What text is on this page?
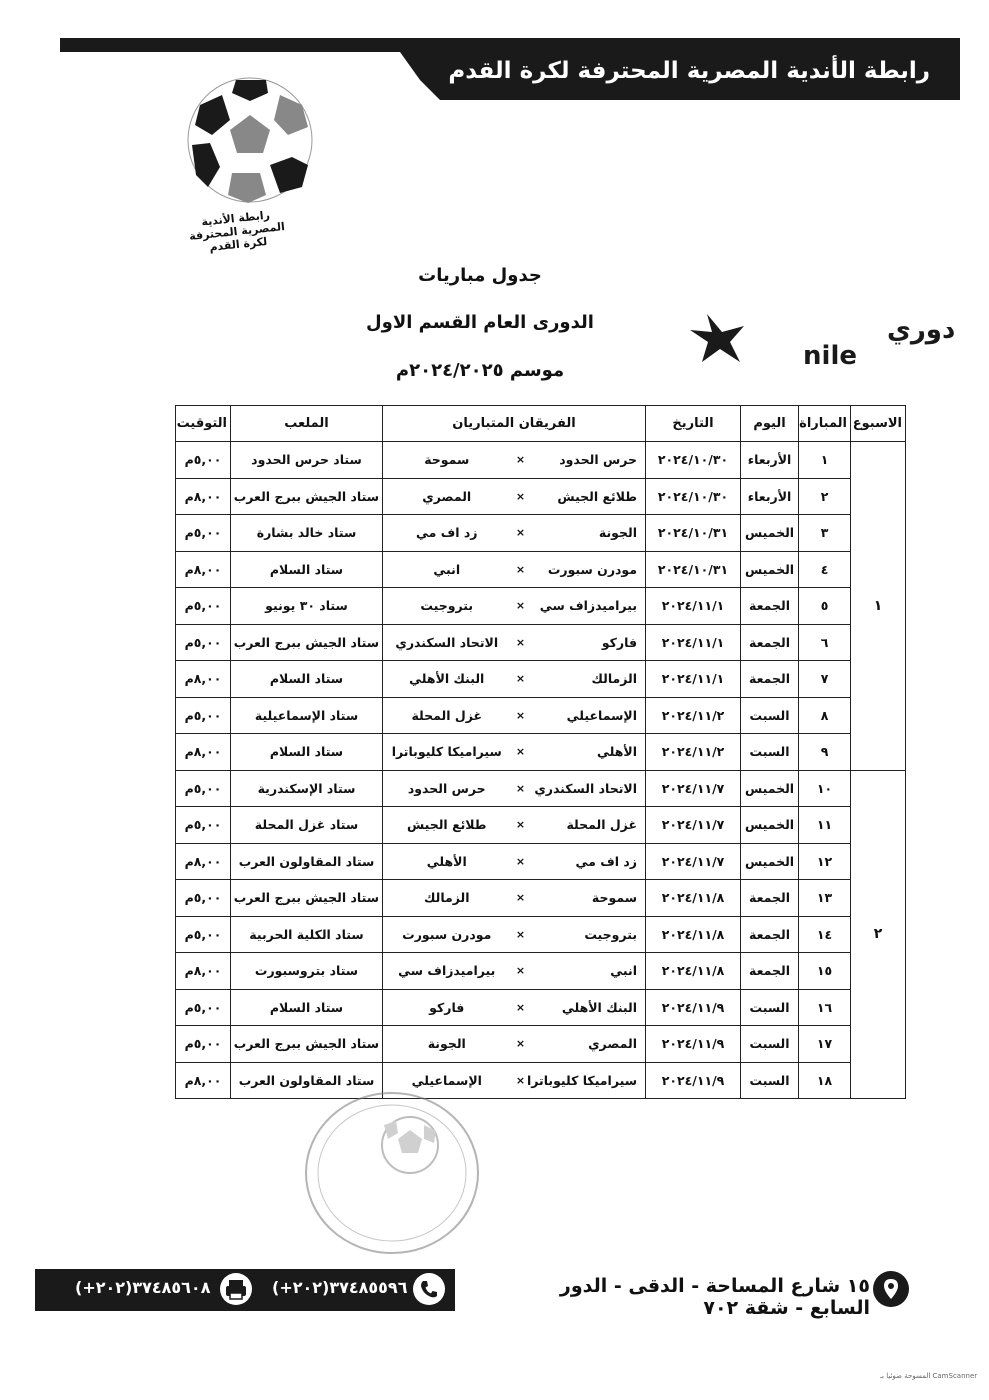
رابطة الأندية المصرية المحترفة لكرة القدم
رابطة الأندية المصرية المحترفة لكرة القدم
جدول مباريات
الدورى العام القسم الاول
موسم ٢٠٢٤/٢٠٢٥م
دوري
nile
الاسبوع	المباراة	اليوم	التاريخ	الفريقان المتباريان			الملعب	التوقيت
١	١	الأربعاء	٢٠٢٤/١٠/٣٠	حرس الحدود	×	سموحة	ستاد حرس الحدود	٥,٠٠م
	٢	الأربعاء	٢٠٢٤/١٠/٣٠	طلائع الجيش	×	المصري	ستاد الجيش ببرج العرب	٨,٠٠م
	٣	الخميس	٢٠٢٤/١٠/٣١	الجونة	×	زد اف مي	ستاد خالد بشارة	٥,٠٠م
	٤	الخميس	٢٠٢٤/١٠/٣١	مودرن سبورت	×	انبي	ستاد السلام	٨,٠٠م
	٥	الجمعة	٢٠٢٤/١١/١	بيراميدزاف سي	×	بتروجيت	ستاد ٣٠ يونيو	٥,٠٠م
	٦	الجمعة	٢٠٢٤/١١/١	فاركو	×	الاتحاد السكندري	ستاد الجيش ببرج العرب	٥,٠٠م
	٧	الجمعة	٢٠٢٤/١١/١	الزمالك	×	البنك الأهلي	ستاد السلام	٨,٠٠م
	٨	السبت	٢٠٢٤/١١/٢	الإسماعيلي	×	غزل المحلة	ستاد الإسماعيلية	٥,٠٠م
	٩	السبت	٢٠٢٤/١١/٢	الأهلي	×	سيراميكا كليوباترا	ستاد السلام	٨,٠٠م
٢	١٠	الخميس	٢٠٢٤/١١/٧	الاتحاد السكندري	×	حرس الحدود	ستاد الإسكندرية	٥,٠٠م
	١١	الخميس	٢٠٢٤/١١/٧	غزل المحلة	×	طلائع الجيش	ستاد غزل المحلة	٥,٠٠م
	١٢	الخميس	٢٠٢٤/١١/٧	زد اف مي	×	الأهلي	ستاد المقاولون العرب	٨,٠٠م
	١٣	الجمعة	٢٠٢٤/١١/٨	سموحة	×	الزمالك	ستاد الجيش ببرج العرب	٥,٠٠م
	١٤	الجمعة	٢٠٢٤/١١/٨	بتروجيت	×	مودرن سبورت	ستاد الكلية الحربية	٥,٠٠م
	١٥	الجمعة	٢٠٢٤/١١/٨	انبي	×	بيراميدزاف سي	ستاد بتروسبورت	٨,٠٠م
	١٦	السبت	٢٠٢٤/١١/٩	البنك الأهلي	×	فاركو	ستاد السلام	٥,٠٠م
	١٧	السبت	٢٠٢٤/١١/٩	المصري	×	الجونة	ستاد الجيش ببرج العرب	٥,٠٠م
	١٨	السبت	٢٠٢٤/١١/٩	سيراميكا كليوباترا	×	الإسماعيلي	ستاد المقاولون العرب	٨,٠٠م
(+٢٠٢)٣٧٤٨٥٦٠٨	(+٢٠٢)٣٧٤٨٥٥٩٦	١٥ شارع المساحة - الدقى - الدور السابع - شقة ٧٠٢
CamScanner المسوحة ضوئيا بـ
